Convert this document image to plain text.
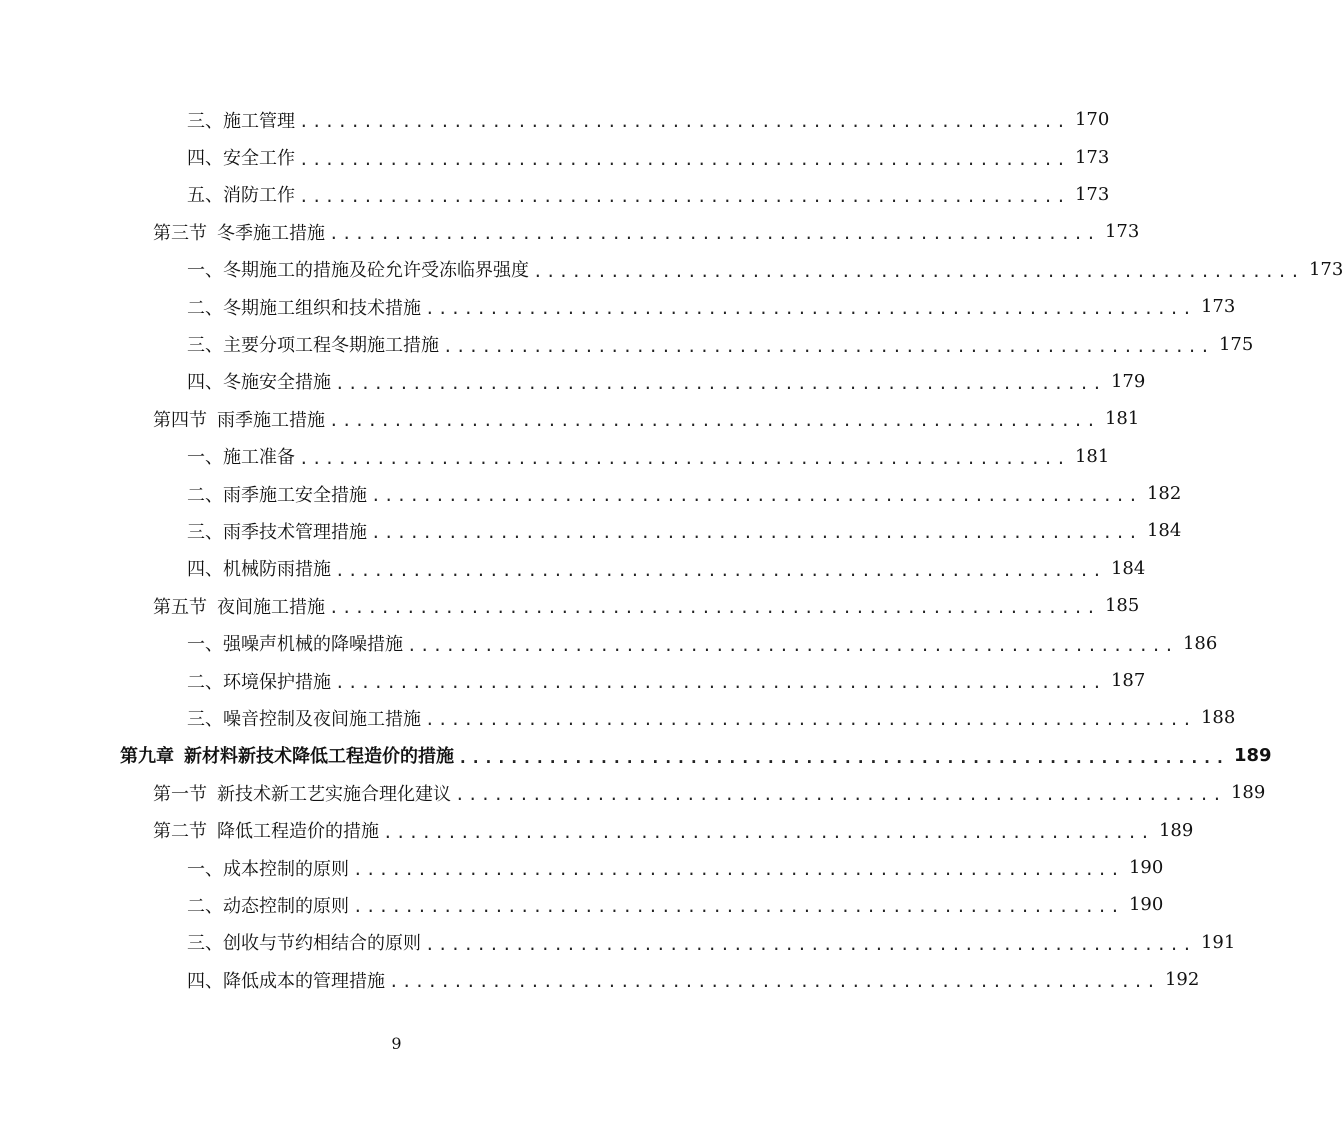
三、施工管理 ............................................................ 170
四、安全工作 ............................................................ 173
五、消防工作 ............................................................ 173
第三节 冬季施工措施 ............................................................ 173
一、冬期施工的措施及砼允许受冻临界强度 ............................................................ 173
二、冬期施工组织和技术措施 ............................................................ 173
三、主要分项工程冬期施工措施 ............................................................ 175
四、冬施安全措施 ............................................................ 179
第四节 雨季施工措施 ............................................................ 181
一、施工准备 ............................................................ 181
二、雨季施工安全措施 ............................................................ 182
三、雨季技术管理措施 ............................................................ 184
四、机械防雨措施 ............................................................ 184
第五节 夜间施工措施 ............................................................ 185
一、强噪声机械的降噪措施 ............................................................ 186
二、环境保护措施 ............................................................ 187
三、噪音控制及夜间施工措施 ............................................................ 188
第九章 新材料新技术降低工程造价的措施 ............................................................ 189
第一节 新技术新工艺实施合理化建议 ............................................................ 189
第二节 降低工程造价的措施 ............................................................ 189
一、成本控制的原则 ............................................................ 190
二、动态控制的原则 ............................................................ 190
三、创收与节约相结合的原则 ............................................................ 191
四、降低成本的管理措施 ............................................................ 192
9
